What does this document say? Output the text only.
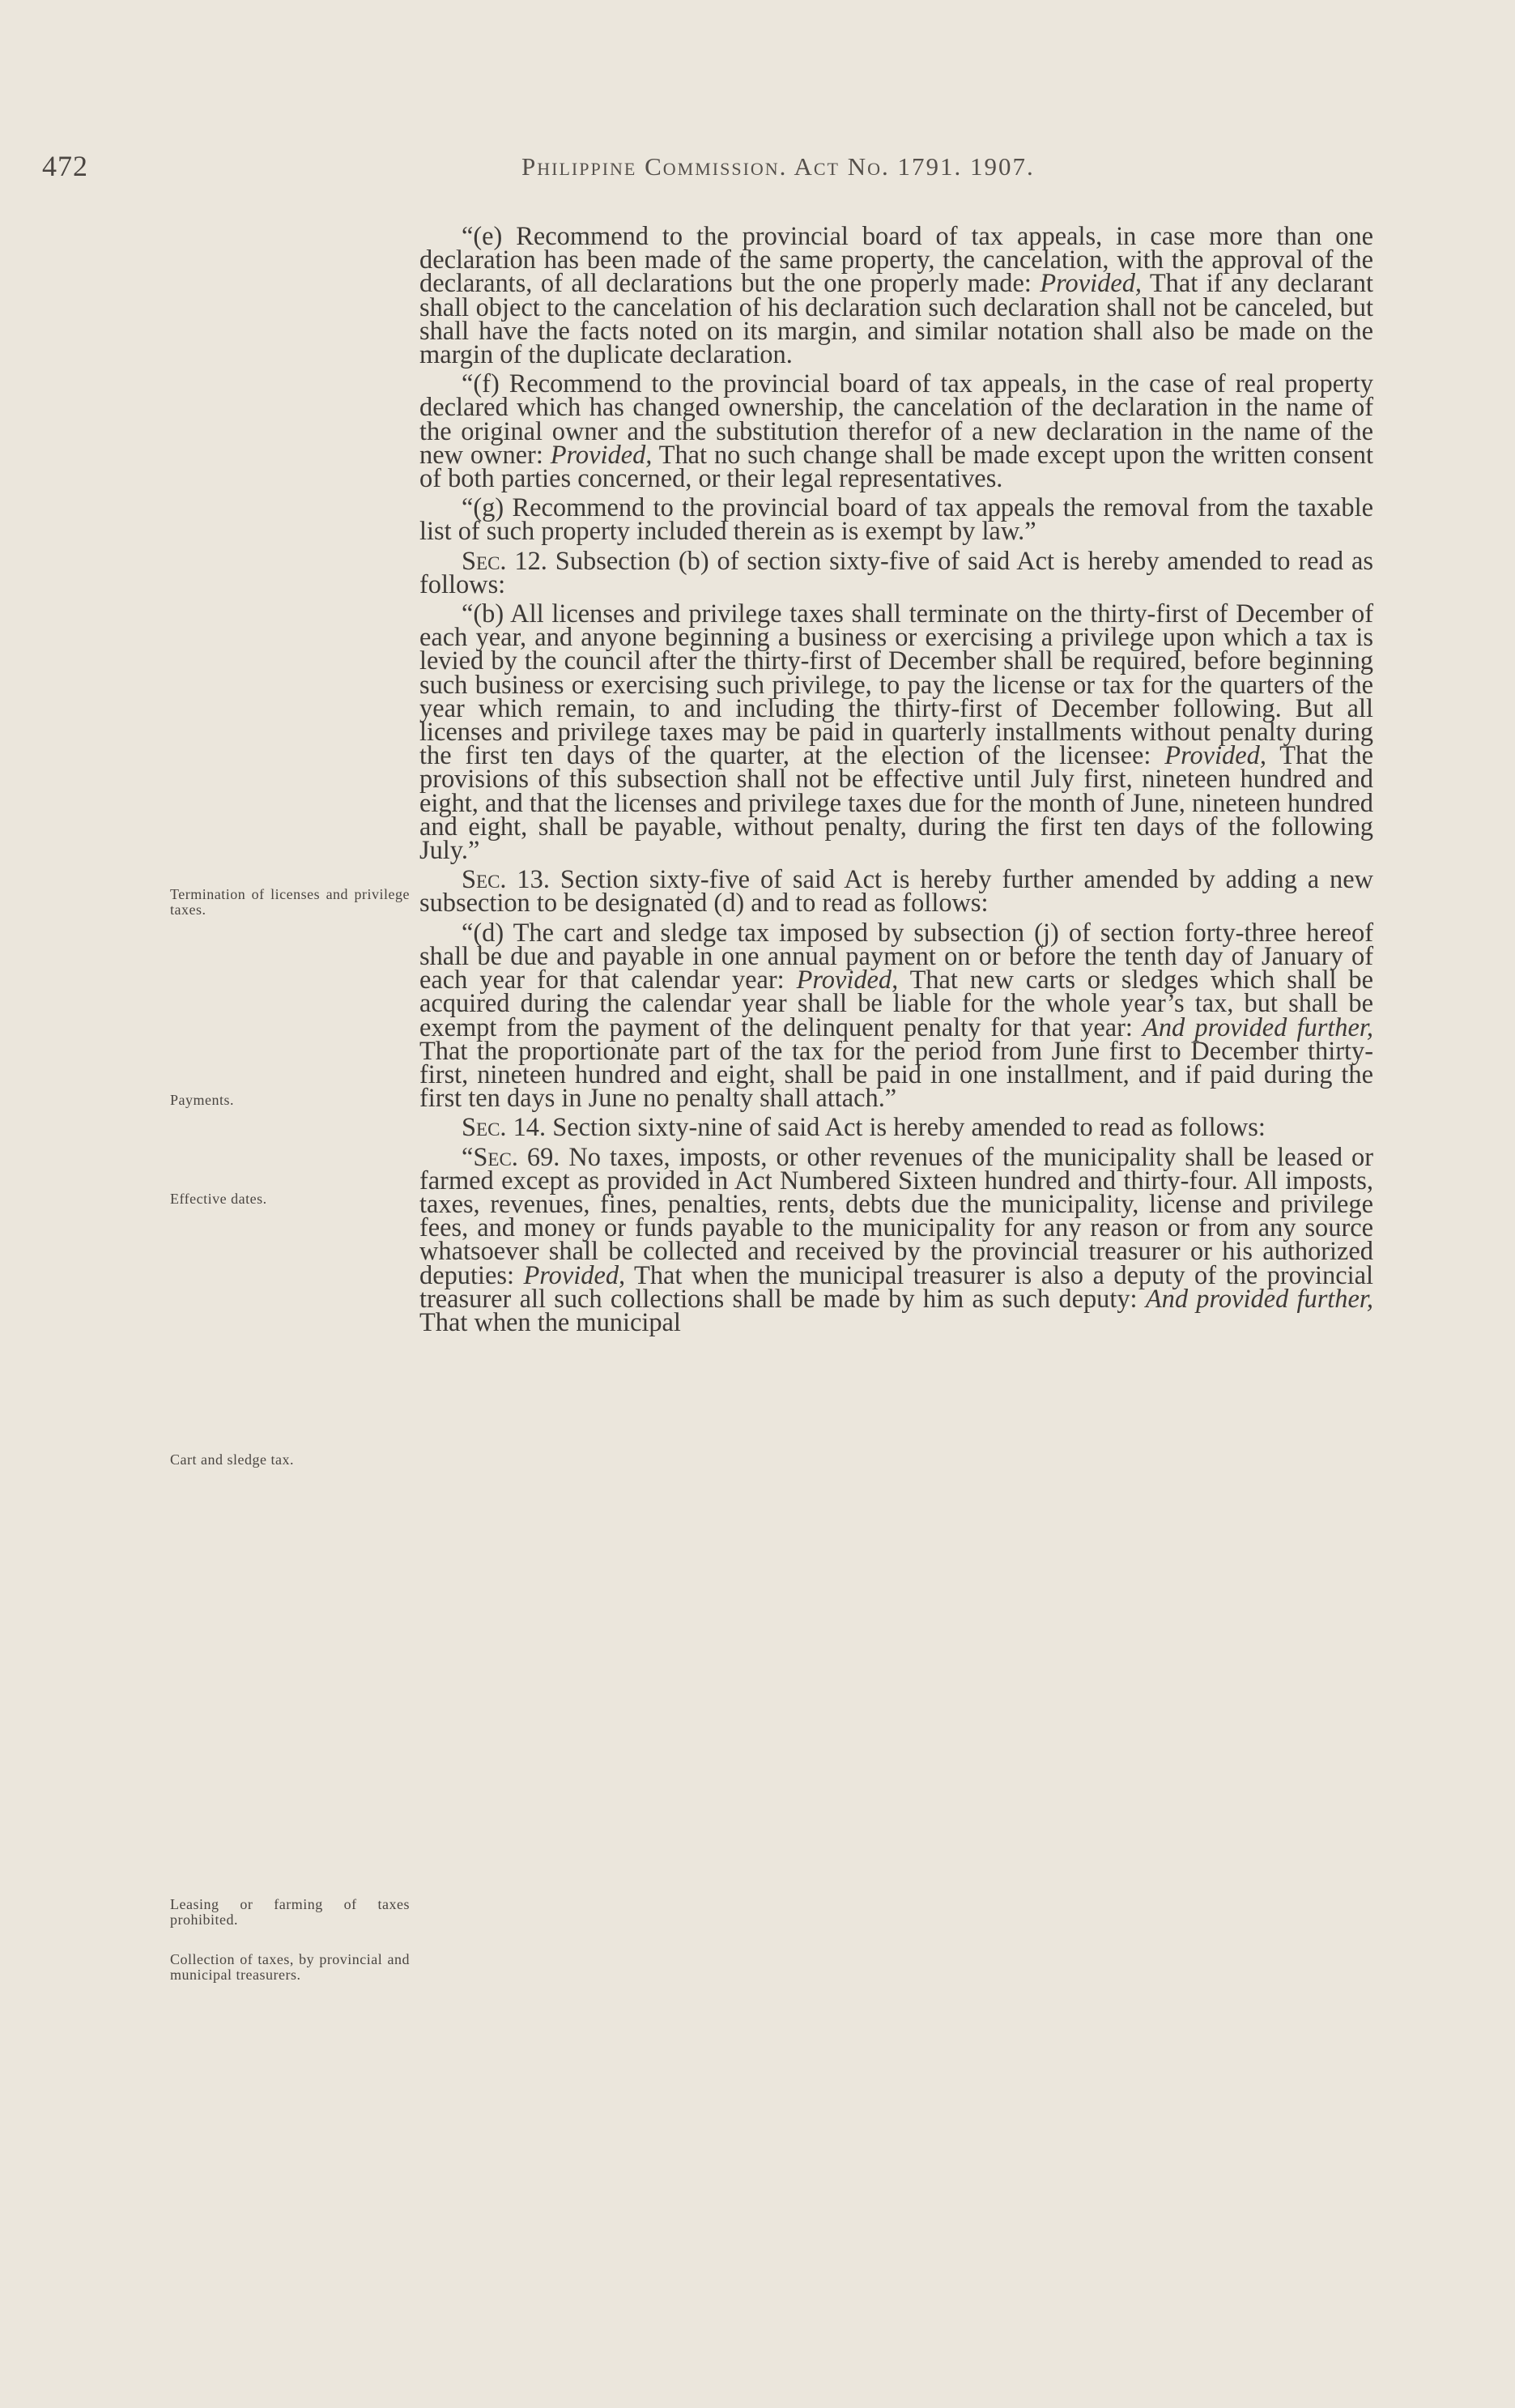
472	Philippine Commission. Act No. 1791. 1907.
Termination of licenses and privilege taxes.
Payments.
Effective dates.
Cart and sledge tax.
Leasing or farming of taxes prohibited.
Collection of taxes, by provincial and municipal treasurers.

“(e) Recommend to the provincial board of tax appeals, in case more than one declaration has been made of the same property, the cancelation, with the approval of the declarants, of all declarations but the one properly made: Provided, That if any declarant shall object to the cancelation of his declaration such declaration shall not be canceled, but shall have the facts noted on its margin, and similar notation shall also be made on the margin of the duplicate declaration.

“(f) Recommend to the provincial board of tax appeals, in the case of real property declared which has changed ownership, the cancelation of the declaration in the name of the original owner and the substitution therefor of a new declaration in the name of the new owner: Provided, That no such change shall be made except upon the written consent of both parties concerned, or their legal representatives.

“(g) Recommend to the provincial board of tax appeals the removal from the taxable list of such property included therein as is exempt by law.”

Sec. 12. Subsection (b) of section sixty-five of said Act is hereby amended to read as follows:

“(b) All licenses and privilege taxes shall terminate on the thirty-first of December of each year, and anyone beginning a business or exercising a privilege upon which a tax is levied by the council after the thirty-first of December shall be required, before beginning such business or exercising such privilege, to pay the license or tax for the quarters of the year which remain, to and including the thirty-first of December following. But all licenses and privilege taxes may be paid in quarterly installments without penalty during the first ten days of the quarter, at the election of the licensee: Provided, That the provisions of this subsection shall not be effective until July first, nineteen hundred and eight, and that the licenses and privilege taxes due for the month of June, nineteen hundred and eight, shall be payable, without penalty, during the first ten days of the following July.”

Sec. 13. Section sixty-five of said Act is hereby further amended by adding a new subsection to be designated (d) and to read as follows:

“(d) The cart and sledge tax imposed by subsection (j) of section forty-three hereof shall be due and payable in one annual payment on or before the tenth day of January of each year for that calendar year: Provided, That new carts or sledges which shall be acquired during the calendar year shall be liable for the whole year’s tax, but shall be exempt from the payment of the delinquent penalty for that year: And provided further, That the proportionate part of the tax for the period from June first to December thirty-first, nineteen hundred and eight, shall be paid in one installment, and if paid during the first ten days in June no penalty shall attach.”

Sec. 14. Section sixty-nine of said Act is hereby amended to read as follows:

“Sec. 69. No taxes, imposts, or other revenues of the municipality shall be leased or farmed except as provided in Act Numbered Sixteen hundred and thirty-four. All imposts, taxes, revenues, fines, penalties, rents, debts due the municipality, license and privilege fees, and money or funds payable to the municipality for any reason or from any source whatsoever shall be collected and received by the provincial treasurer or his authorized deputies: Provided, That when the municipal treasurer is also a deputy of the provincial treasurer all such collections shall be made by him as such deputy: And provided further, That when the municipal
